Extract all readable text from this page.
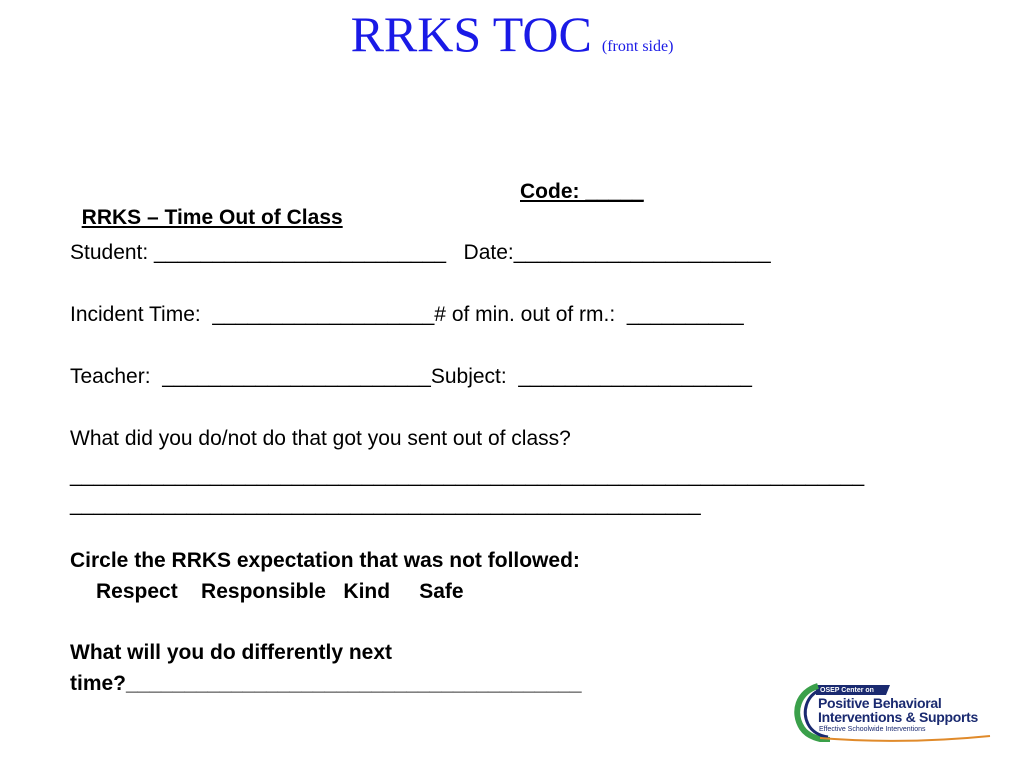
RRKS TOC (front side)

RRKS – Time Out of Class

Code: _____

Student: _________________________   Date:______________________
Incident Time:  ___________________# of min. out of rm.:  __________
Teacher:  _______________________Subject:  ____________________
What did you do/not do that got you sent out of class?
____________________________________________________________________
______________________________________________________
Circle the RRKS expectation that was not followed:
Respect    Responsible   Kind     Safe
What will you do differently next
time?_______________________________________	OSEP Center on
Positive Behavioral
Interventions & Supports
Effective Schoolwide Interventions
